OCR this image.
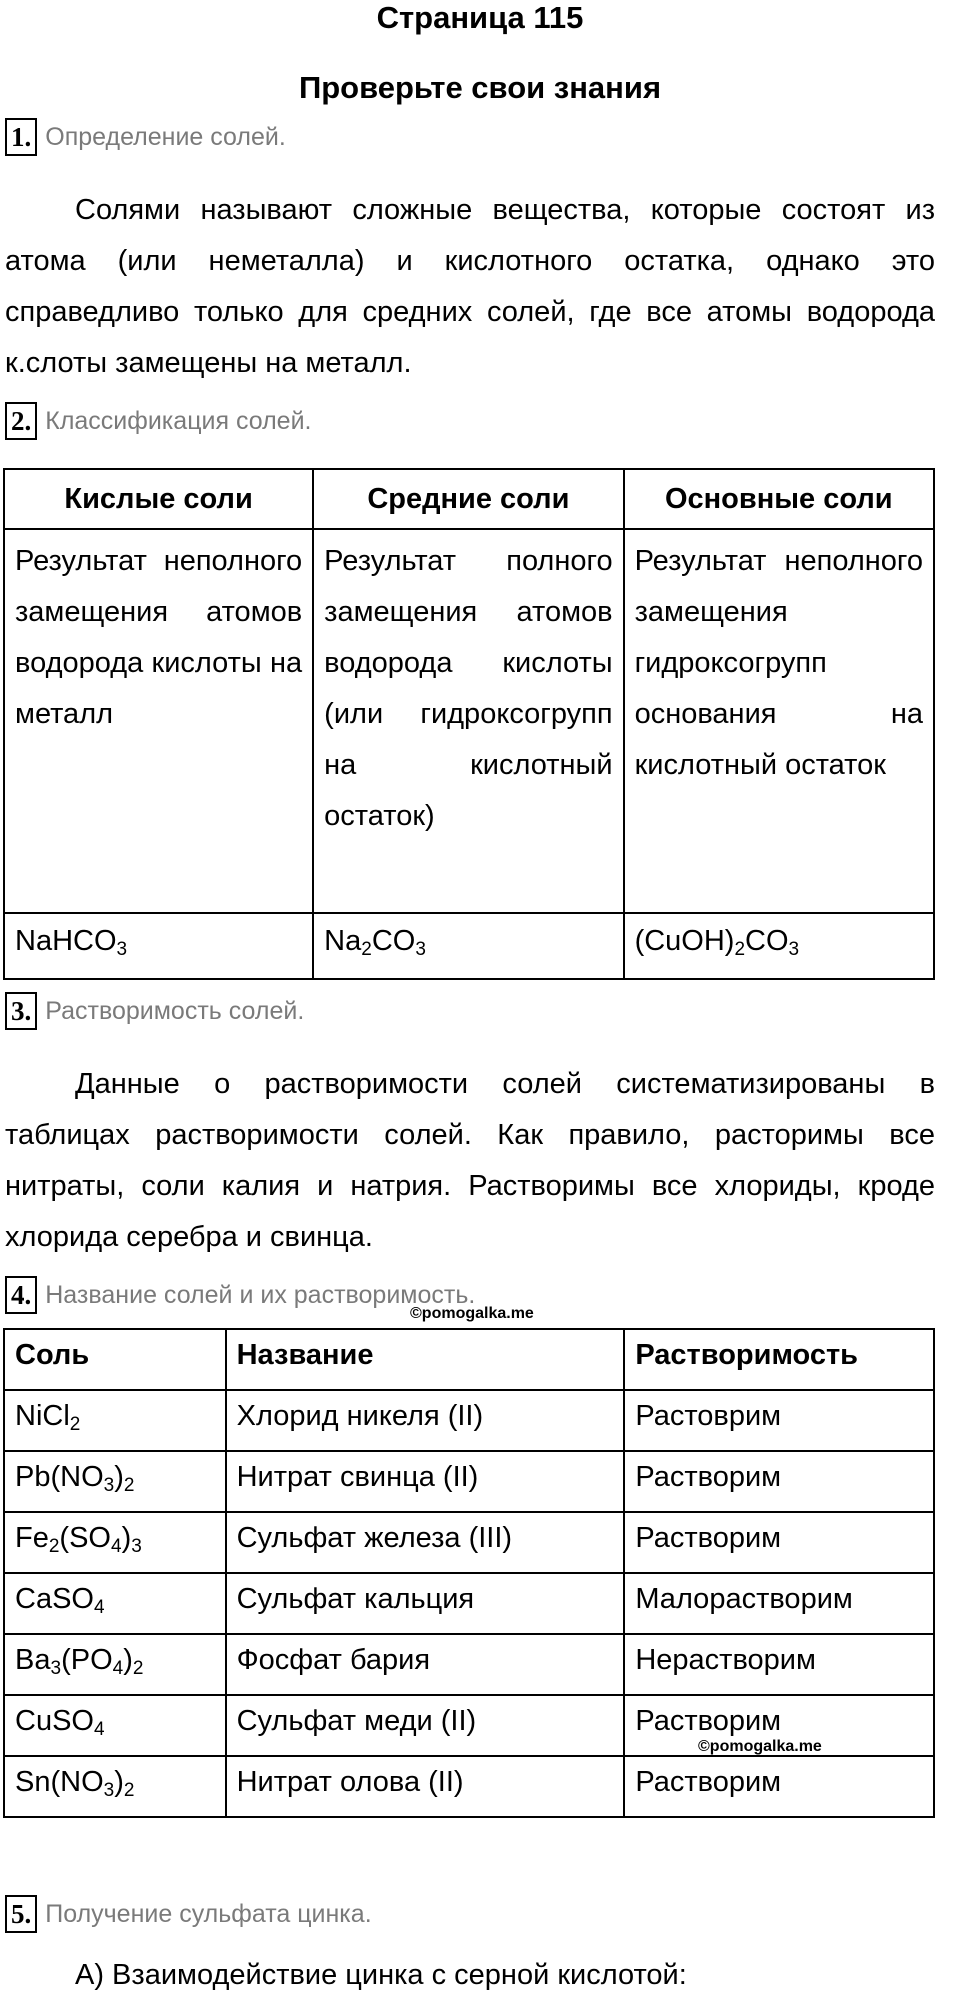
Страница 115
Проверьте свои знания
1. Определение солей.

Солями называют сложные вещества, которые состоят из атома (или неметалла) и кислотного остатка, однако это справедливо только для средних солей, где все атомы водорода к.слоты замещены на металл.

2. Классификация солей.
Кислые соли	Средние соли	Основные соли
Результат неполного замещения атомов водорода кислоты на металл	Результат полного замещения атомов водорода кислоты (или гидроксогрупп на кислотный остаток)	Результат неполного замещения гидроксогрупп основания на кислотный остаток
NaHCO$_3$	$Na_2CO_3$	$(CuOH)_2CO_3$
3. Растворимость солей.

Данные о растворимости солей систематизированы в таблицах растворимости солей. Как правило, расторимы все нитраты, соли калия и натрия. Растворимы все хлориды, кроде хлорида серебра и свинца.

4. Название солей и их растворимость.
©pomogalka.me
Соль	Название	Растворимость
NiCl$_2$	Хлорид никеля (II)	Растоврим
$Pb(NO_3)_2$	Нитрат свинца (II)	Растворим
$Fe_2(SO_4)_3$	Сульфат железа (III)	Растворим
CaSO$_4$	Сульфат кальция	Малорастворим
$Ba_3(PO_4)_2$	Фосфат бария	Нерастворим
CuSO$_4$	Сульфат меди (II)	Растворим
$Sn(NO_3)_2$	Нитрат олова (II)	Растворим
©pomogalka.me
5. Получение сульфата цинка.

А) Взаимодействие цинка с серной кислотой:
